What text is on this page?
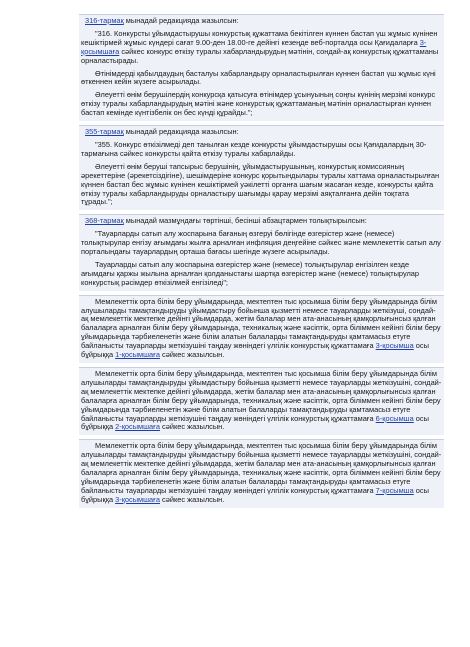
316-тармақ мынадай редакцияда жазылсын:

"316. Конкурсты ұйымдастырушы конкурстық құжаттама бекітілген күннен бастап үш жұмыс күнінен кешіктірмей жұмыс күндері сағат 9.00-ден 18.00-ге дейінгі кезеңде веб-порталда осы Қағидаларға 3-қосымшаға сәйкес конкурс өткізу туралы хабарландырудың мәтінін, сондай-ақ конкурстық құжаттаманы орналастырады.

Өтінімдерді қабылдаудың басталуы хабарландыру орналастырылған күннен бастап үш жұмыс күні өткеннен кейін жүзеге асырылады.

Әлеуетті өнім берушілердің конкурсқа қатысуға өтінімдер ұсынуының соңғы күнінің мерзімі конкурс өткізу туралы хабарландырудың мәтіні және конкурстық құжаттаманың мәтінін орналастырған күннен бастап кемінде күнтізбелік он бес күнді құрайды.";

355-тармақ мынадай редакцияда жазылсын:

"355. Конкурс өткізілмеді деп танылған кезде конкурсты ұйымдастырушы осы Қағидалардың 30-тармағына сәйкес конкурсты қайта өткізу туралы хабарлайды.

Әлеуетті өнім беруші тапсырыс берушінің, ұйымдастырушының, конкурстық комиссияның әрекеттеріне (әрекетсіздігіне), шешімдеріне конкурс қорытындылары туралы хаттама орналастырылған күннен бастап бес жұмыс күнінен кешіктірмей уәкілетті органға шағым жасаған кезде, конкурсты қайта өткізу туралы хабарландыруды орналастыру шағымды қарау мерзімі аяқталғанға дейін тоқтата тұрады.";

368-тармақ мынадай мазмұндағы төртінші, бесінші абзацтармен толықтырылсын:

"Тауарларды сатып алу жоспарына бағаның өзгеруі бөлігінде өзгерістер және (немесе) толықтырулар енгізу ағымдағы жылға арналған инфляция деңгейіне сәйкес және мемлекеттік сатып алу порталындағы тауарлардың орташа бағасы шегінде жүзеге асырылады.

Тауарларды сатып алу жоспарына өзгерістер және (немесе) толықтырулар енгізілген кезде ағымдағы қаржы жылына арналған қолданыстағы шартқа өзгерістер және (немесе) толықтырулар конкурстық рәсімдер өткізілмей енгізіледі";

Мемлекеттік орта білім беру ұйымдарында, мектептен тыс қосымша білім беру ұйымдарында білім алушыларды тамақтандыруды ұйымдастыру бойынша қызметті немесе тауарларды жеткізуші, сондай-ақ мемлекеттік мектепке дейінгі ұйымдарда, жетім балалар мен ата-анасының қамқорлығынсыз қалған балаларға арналған білім беру ұйымдарында, техникалық және кәсіптік, орта біліммен кейінгі білім беру ұйымдарында тәрбиеленетін және білім алатын балаларды тамақтандыруды қамтамасыз етуге байланысты тауарларды жеткізушіні таңдау жөніндегі үлгілік конкурстық құжаттамаға 3-қосымша осы бұйрыққа 1-қосымшаға сәйкес жазылсын.

Мемлекеттік орта білім беру ұйымдарында, мектептен тыс қосымша білім беру ұйымдарында білім алушыларды тамақтандыруды ұйымдастыру бойынша қызметті немесе тауарларды жеткізушіні, сондай-ақ мемлекеттік мектепке дейінгі ұйымдарда, жетім балалар мен ата-анасының қамқорлығынсыз қалған балаларға арналған білім беру ұйымдарында, техникалық және кәсіптік, орта біліммен кейінгі білім беру ұйымдарында тәрбиеленетін және білім алатын балаларды тамақтандыруды қамтамасыз етуге байланысты тауарларды жеткізушіні таңдау жөніндегі үлгілік конкурстық құжаттамаға 6-қосымша осы бұйрыққа 2-қосымшаға сәйкес жазылсын.

Мемлекеттік орта білім беру ұйымдарында, мектептен тыс қосымша білім беру ұйымдарында білім алушыларды тамақтандыруды ұйымдастыру бойынша қызметті немесе тауарларды жеткізушіні, сондай-ақ мемлекеттік мектепке дейінгі ұйымдарда, жетім балалар мен ата-анасының қамқорлығынсыз қалған балаларға арналған білім беру ұйымдарында, техникалық және кәсіптік, орта біліммен кейінгі білім беру ұйымдарында тәрбиеленетін және білім алатын балаларды тамақтандыруды қамтамасыз етуге байланысты тауарларды жеткізушіні таңдау жөніндегі үлгілік конкурстық құжаттамаға 7-қосымша осы бұйрыққа 3-қосымшаға сәйкес жазылсын.
